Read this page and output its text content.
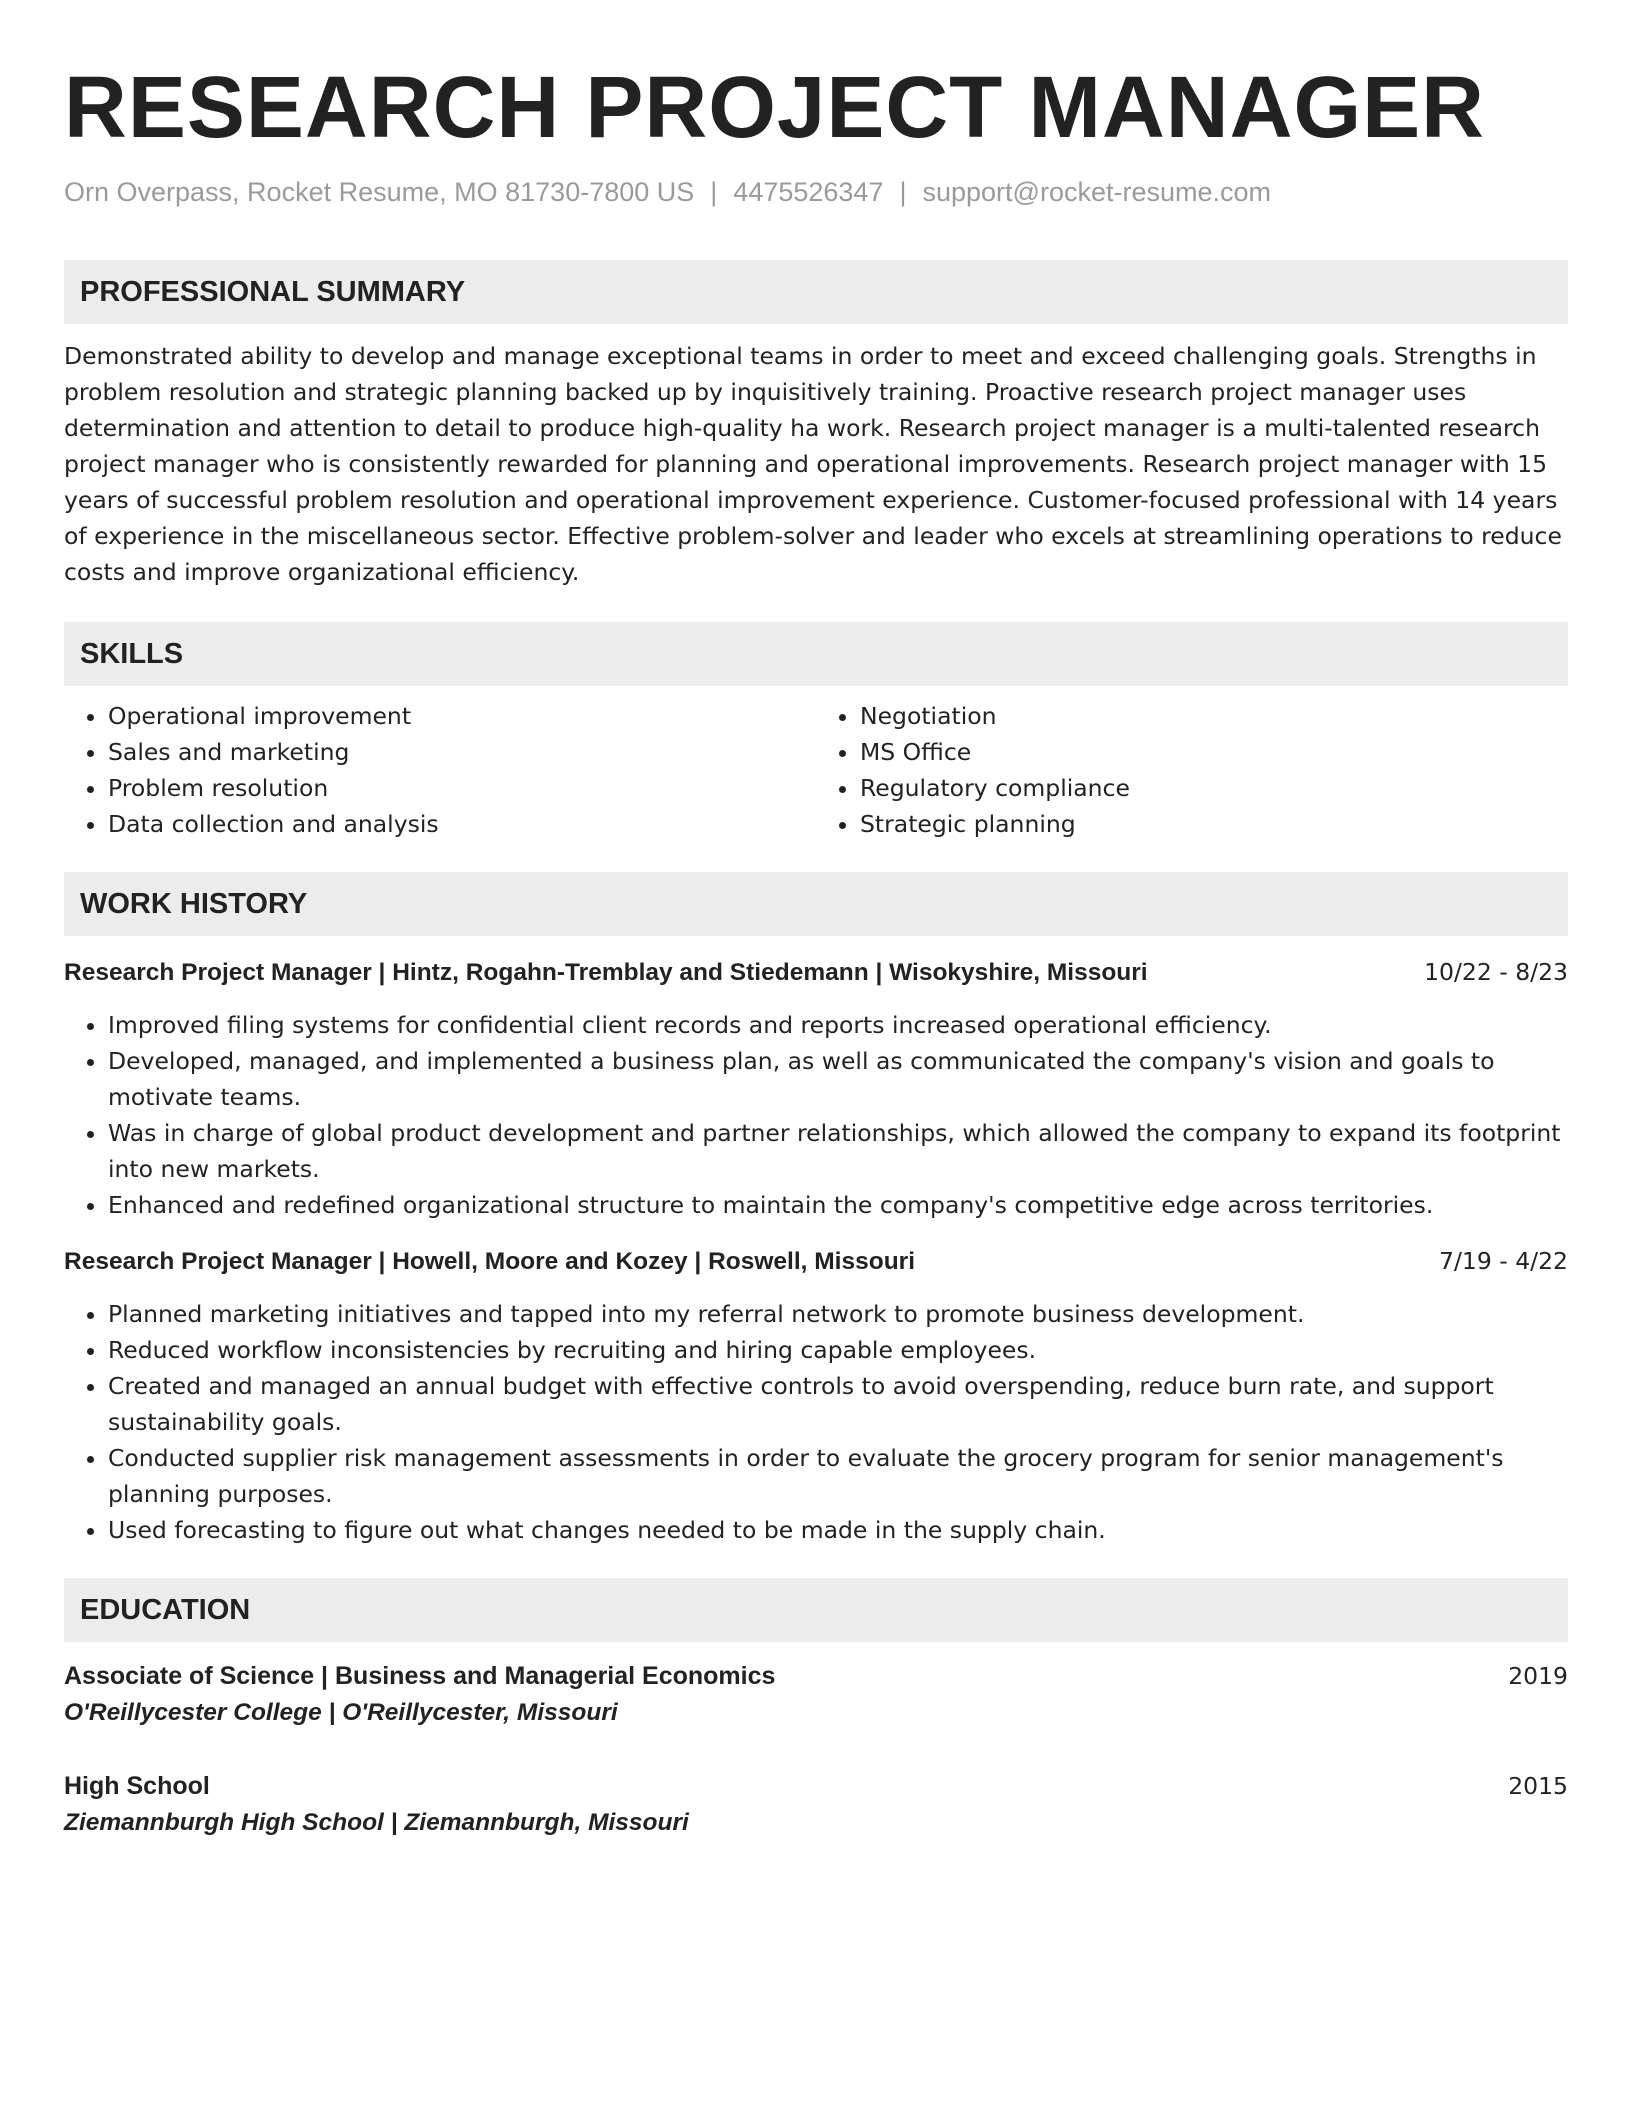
RESEARCH PROJECT MANAGER
Orn Overpass, Rocket Resume, MO 81730-7800 US | 4475526347 | support@rocket-resume.com
PROFESSIONAL SUMMARY

Demonstrated ability to develop and manage exceptional teams in order to meet and exceed challenging goals. Strengths in problem resolution and strategic planning backed up by inquisitively training. Proactive research project manager uses determination and attention to detail to produce high-quality ha work. Research project manager is a multi-talented research project manager who is consistently rewarded for planning and operational improvements. Research project manager with 15 years of successful problem resolution and operational improvement experience. Customer-focused professional with 14 years of experience in the miscellaneous sector. Effective problem-solver and leader who excels at streamlining operations to reduce costs and improve organizational efficiency.

SKILLS
• Operational improvement
• Sales and marketing
• Problem resolution
• Data collection and analysis
• Negotiation
• MS Office
• Regulatory compliance
• Strategic planning
WORK HISTORY
Research Project Manager | Hintz, Rogahn-Tremblay and Stiedemann | Wisokyshire, Missouri	10/22 - 8/23
• Improved filing systems for confidential client records and reports increased operational efficiency.
• Developed, managed, and implemented a business plan, as well as communicated the company's vision and goals to motivate teams.
• Was in charge of global product development and partner relationships, which allowed the company to expand its footprint into new markets.
• Enhanced and redefined organizational structure to maintain the company's competitive edge across territories.
Research Project Manager | Howell, Moore and Kozey | Roswell, Missouri	7/19 - 4/22
• Planned marketing initiatives and tapped into my referral network to promote business development.
• Reduced workflow inconsistencies by recruiting and hiring capable employees.
• Created and managed an annual budget with effective controls to avoid overspending, reduce burn rate, and support sustainability goals.
• Conducted supplier risk management assessments in order to evaluate the grocery program for senior management's planning purposes.
• Used forecasting to figure out what changes needed to be made in the supply chain.
EDUCATION
Associate of Science | Business and Managerial Economics	2019
O'Reillycester College | O'Reillycester, Missouri
High School	2015
Ziemannburgh High School | Ziemannburgh, Missouri
